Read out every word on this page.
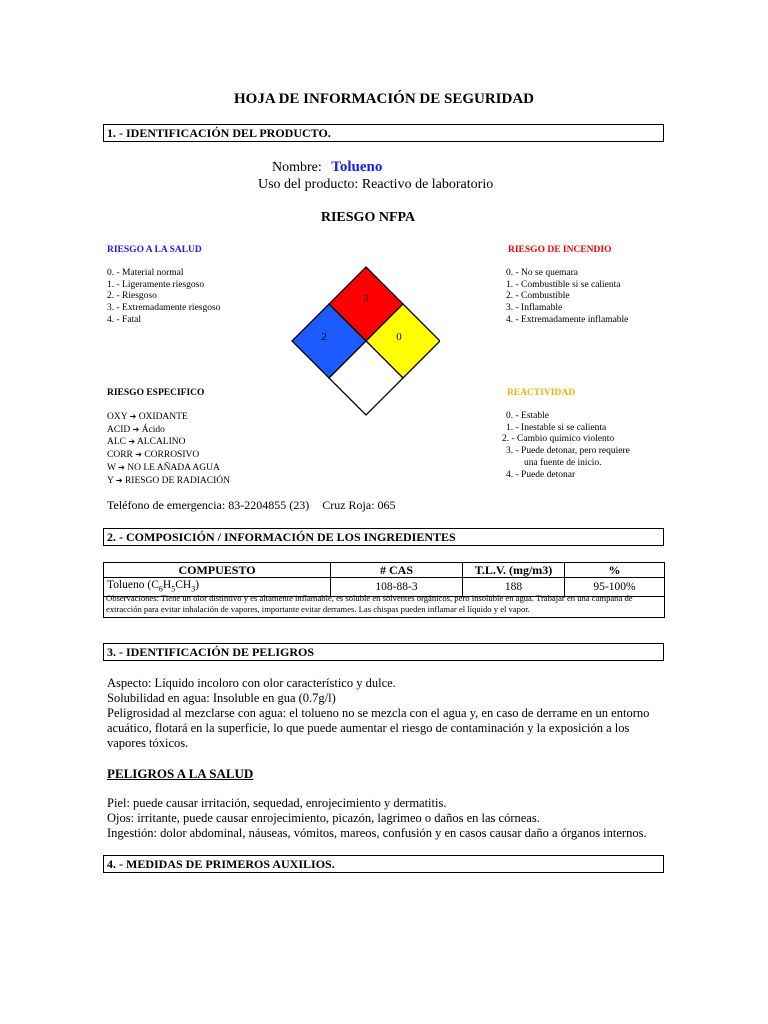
HOJA DE INFORMACIÓN DE SEGURIDAD
1. - IDENTIFICACIÓN DEL PRODUCTO.
Nombre: Tolueno
Uso del producto: Reactivo de laboratorio
RIESGO NFPA
RIESGO A LA SALUD
0. - Material normal
1. - Ligeramente riesgoso
2. - Riesgoso
3. - Extremadamente riesgoso
4. - Fatal
RIESGO DE INCENDIO
0. - No se quemara
1. - Combustible si se calienta
2. - Combustible
3. - Inflamable
4. - Extremadamente inflamable
3
2	0
RIESGO ESPECIFICO
OXY ➔ OXIDANTE
ACID ➔ Ácido
ALC ➔ ALCALINO
CORR ➔ CORROSIVO
W ➔ NO LE AÑADA AGUA
Y ➔ RIESGO DE RADIACIÓN
REACTIVIDAD
0. - Estable
1. - Inestable si se calienta
2. - Cambio químico violento
3. - Puede detonar, pero requiere
una fuente de inicio.
4. - Puede detonar
Teléfono de emergencia: 83-2204855 (23) Cruz Roja: 065
2. - COMPOSICIÓN / INFORMACIÓN DE LOS INGREDIENTES
COMPUESTO	# CAS	T.L.V. (mg/m3)	%
Tolueno $(C_6H_5CH_3)$	108-88-3	188	95-100%
Observaciones: Tiene un olor distintivo y es altamente inflamable, es soluble en solventes orgánicos, pero insoluble en agua. Trabajar en una campana de extracción para evitar inhalación de vapores, importante evitar derrames. Las chispas pueden inflamar el líquido y el vapor.
3. - IDENTIFICACIÓN DE PELIGROS
Aspecto: Líquido incoloro con olor característico y dulce.
Solubilidad en agua: Insoluble en gua (0.7g/l)
Peligrosidad al mezclarse con agua: el tolueno no se mezcla con el agua y, en caso de derrame en un entorno acuático, flotará en la superficie, lo que puede aumentar el riesgo de contaminación y la exposición a los vapores tóxicos.
PELIGROS A LA SALUD
Piel: puede causar irritación, sequedad, enrojecimiento y dermatitis.
Ojos: irritante, puede causar enrojecimiento, picazón, lagrimeo o daños en las córneas.
Ingestión: dolor abdominal, náuseas, vómitos, mareos, confusión y en casos causar daño a órganos internos.
4. - MEDIDAS DE PRIMEROS AUXILIOS.
